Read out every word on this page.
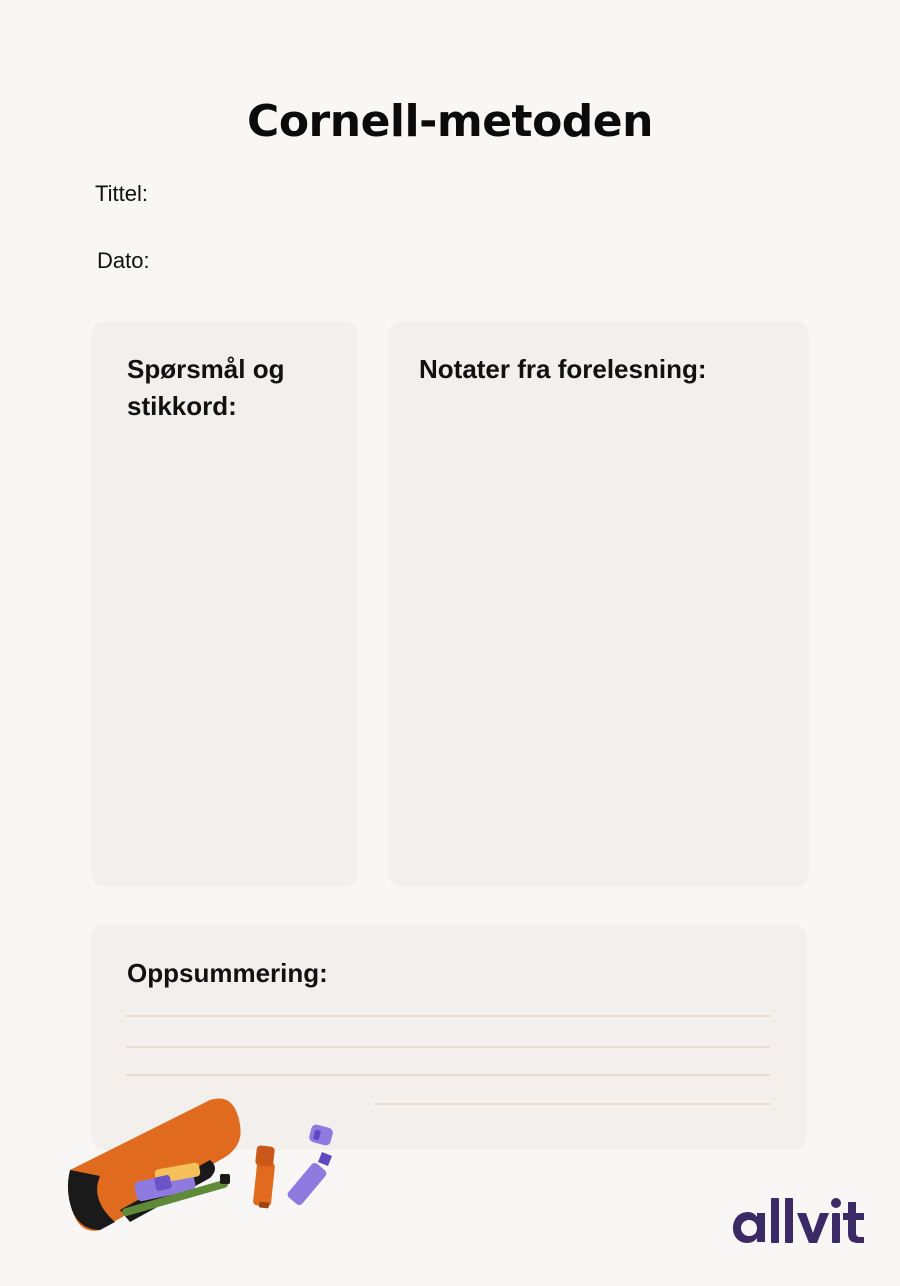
Cornell-metoden
Tittel:
Dato:
Spørsmål og
stikkord:
Notater fra forelesning:
Oppsummering:
